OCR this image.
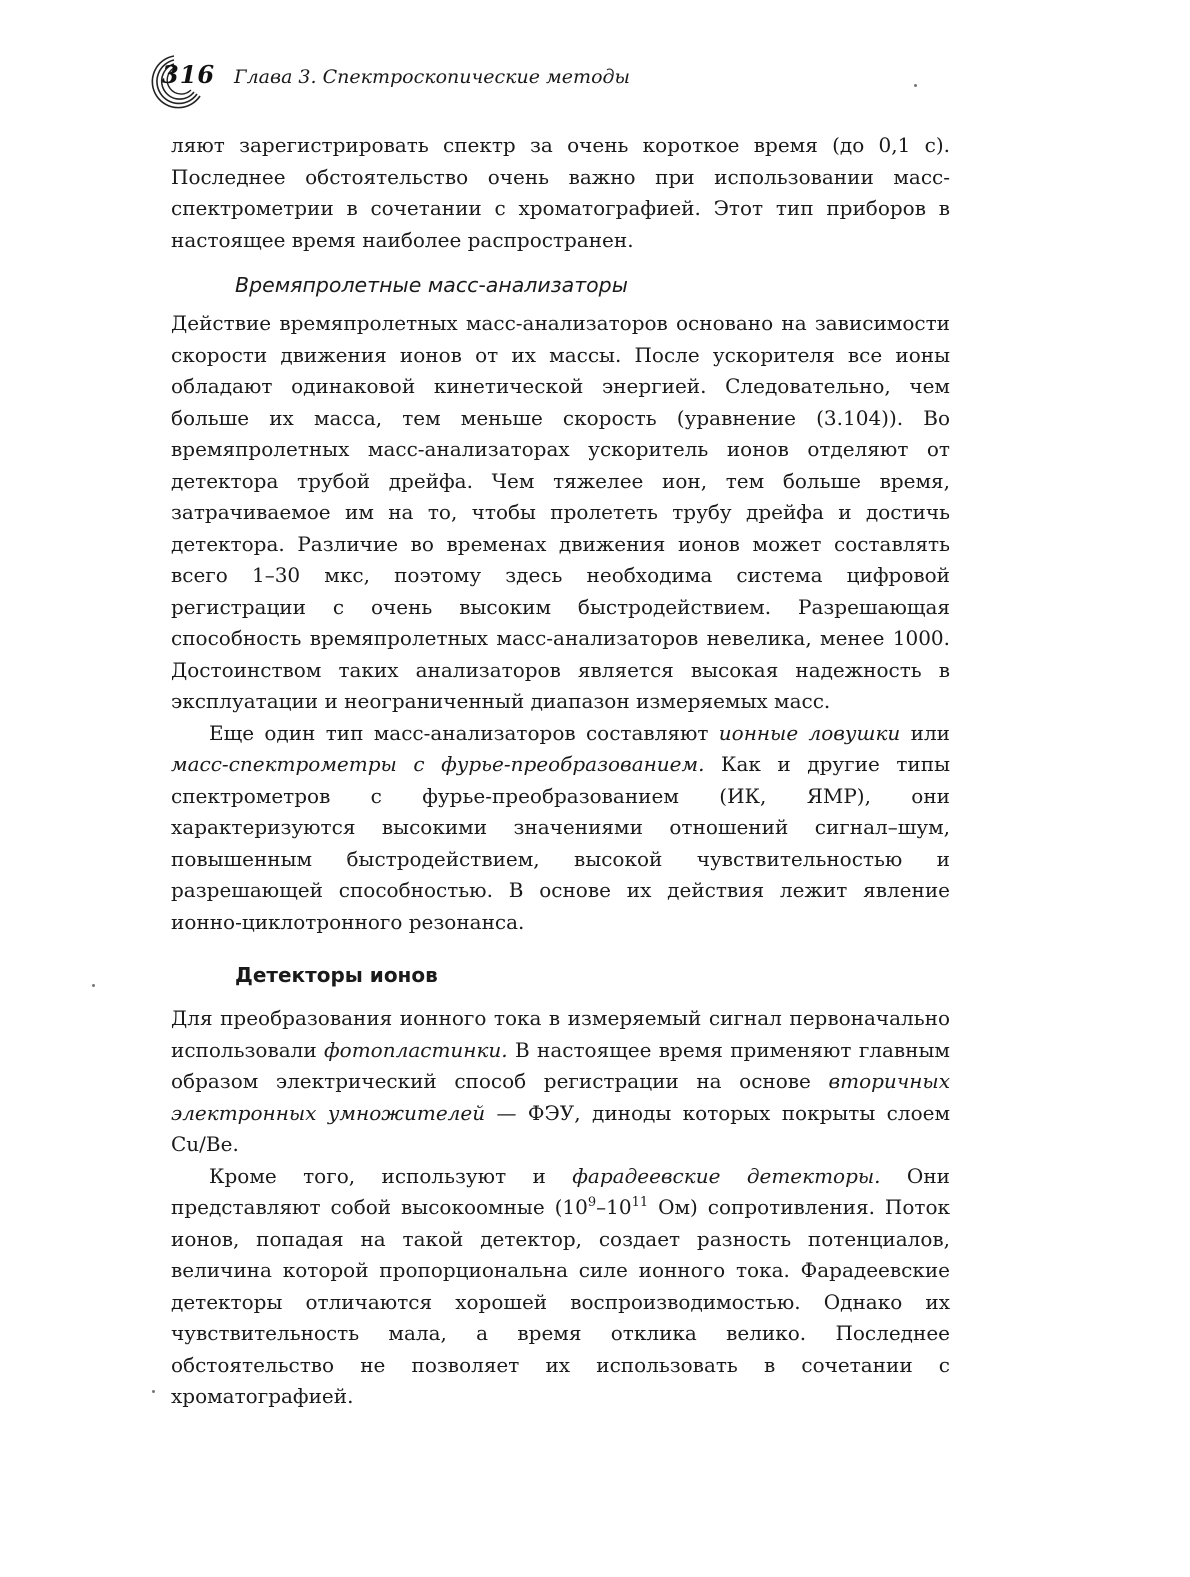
316 Глава 3. Спектроскопические методы

ляют зарегистрировать спектр за очень короткое время (до 0,1 с). Последнее обстоятельство очень важно при использовании масс-спектрометрии в сочетании с хроматографией. Этот тип приборов в настоящее время наиболее распространен.

Времяпролетные масс-анализаторы

Действие времяпролетных масс-анализаторов основано на зависимости скорости движения ионов от их массы. После ускорителя все ионы обладают одинаковой кинетической энергией. Следовательно, чем больше их масса, тем меньше скорость (уравнение (3.104)). Во времяпролетных масс-анализаторах ускоритель ионов отделяют от детектора трубой дрейфа. Чем тяжелее ион, тем больше время, затрачиваемое им на то, чтобы пролететь трубу дрейфа и достичь детектора. Различие во временах движения ионов может составлять всего 1–30 мкс, поэтому здесь необходима система цифровой регистрации с очень высоким быстродействием. Разрешающая способность времяпролетных масс-анализаторов невелика, менее 1000. Достоинством таких анализаторов является высокая надежность в эксплуатации и неограниченный диапазон измеряемых масс.

Еще один тип масс-анализаторов составляют ионные ловушки или масс-спектрометры с фурье-преобразованием. Как и другие типы спектрометров с фурье-преобразованием (ИК, ЯМР), они характеризуются высокими значениями отношений сигнал–шум, повышенным быстродействием, высокой чувствительностью и разрешающей способностью. В основе их действия лежит явление ионно-циклотронного резонанса.

Детекторы ионов

Для преобразования ионного тока в измеряемый сигнал первоначально использовали фотопластинки. В настоящее время применяют главным образом электрический способ регистрации на основе вторичных электронных умножителей — ФЭУ, диноды которых покрыты слоем Cu/Be.

Кроме того, используют и фарадеевские детекторы. Они представляют собой высокоомные ($10^9-10^{11}$ Ом) сопротивления. Поток ионов, попадая на такой детектор, создает разность потенциалов, величина которой пропорциональна силе ионного тока. Фарадеевские детекторы отличаются хорошей воспроизводимостью. Однако их чувствительность мала, а время отклика велико. Последнее обстоятельство не позволяет их использовать в сочетании с хроматографией.
